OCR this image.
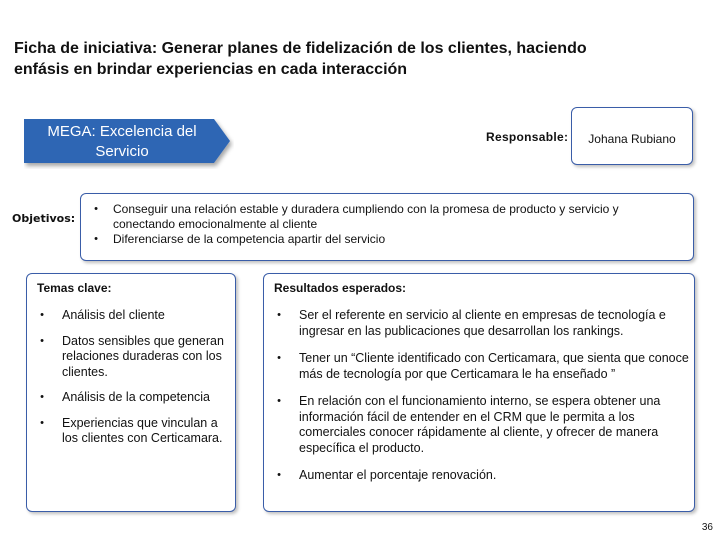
Ficha de iniciativa: Generar planes de fidelización de los clientes, haciendo
enfásis en brindar experiencias en cada interacción
MEGA: Excelencia del
Servicio
Responsable:	Johana Rubiano
Objetivos:
• Conseguir una relación estable y duradera cumpliendo con la promesa de producto y servicio y conectando emocionalmente al cliente
• Diferenciarse de la competencia apartir del servicio
Temas clave:
• Análisis del cliente
• Datos sensibles que generan relaciones duraderas con los clientes.
• Análisis de la competencia
• Experiencias que vinculan a los clientes con Certicamara.
Resultados esperados:
• Ser el referente en servicio al cliente en empresas de tecnología e ingresar en las publicaciones que desarrollan los rankings.
• Tener un “Cliente identificado con Certicamara, que sienta que conoce más de tecnología por que Certicamara le ha enseñado ”
• En relación con el funcionamiento interno, se espera obtener una información fácil de entender en el CRM que le permita a los comerciales conocer rápidamente al cliente, y ofrecer de manera específica el producto.
• Aumentar el porcentaje renovación.
36
